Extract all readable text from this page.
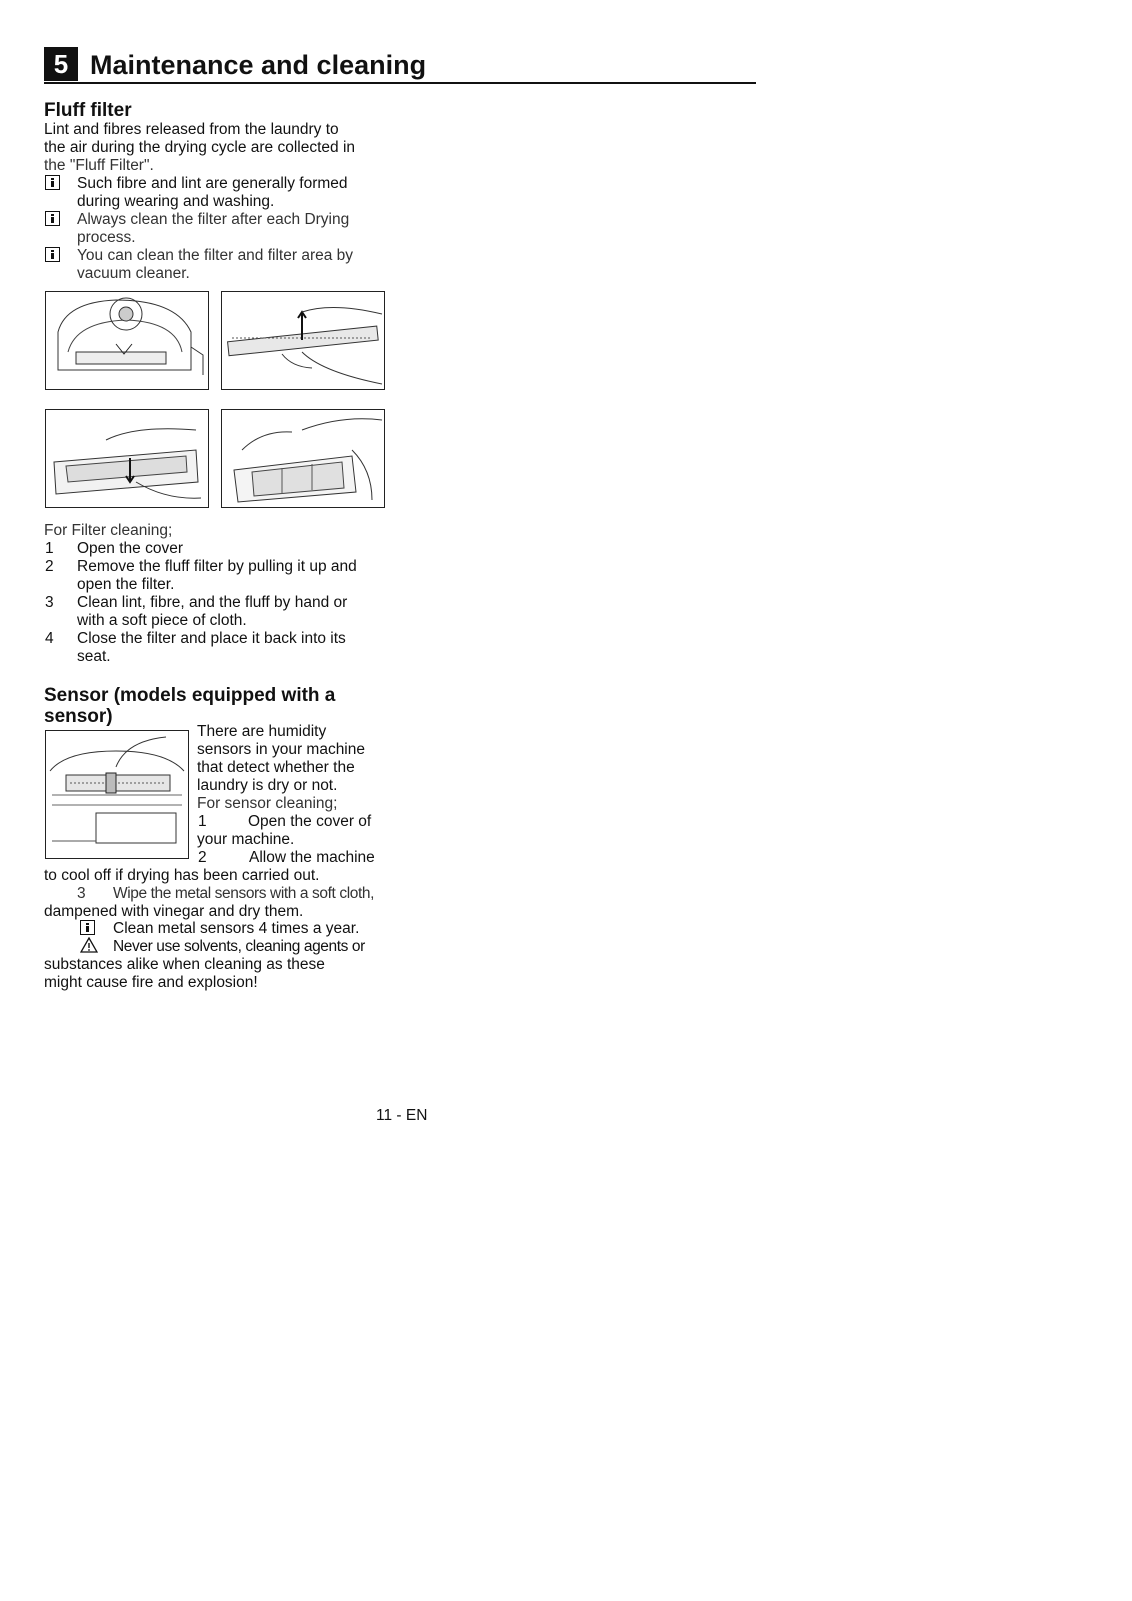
5 Maintenance and cleaning
Fluff filter
Lint and fibres released from the laundry to
the air during the drying cycle are collected in
the "Fluff Filter".
Such fibre and lint are generally formed
during wearing and washing.
Always clean the filter after each Drying
process.
You can clean the filter and filter area by
vacuum cleaner.
For Filter cleaning;
1 Open the cover
2 Remove the fluff filter by pulling it up and
open the filter.
3 Clean lint, fibre, and the fluff by hand or
with a soft piece of cloth.
4 Close the filter and place it back into its
seat.
Sensor (models equipped with a
sensor)
There are humidity
sensors in your machine
that detect whether the
laundry is dry or not.
For sensor cleaning;
1	Open the cover of
your machine.
2	Allow the machine
to cool off if drying has been carried out.
3 Wipe the metal sensors with a soft cloth,
dampened with vinegar and dry them.
Clean metal sensors 4 times a year.
Never use solvents, cleaning agents or
substances alike when cleaning as these
might cause fire and explosion!
11 - EN
